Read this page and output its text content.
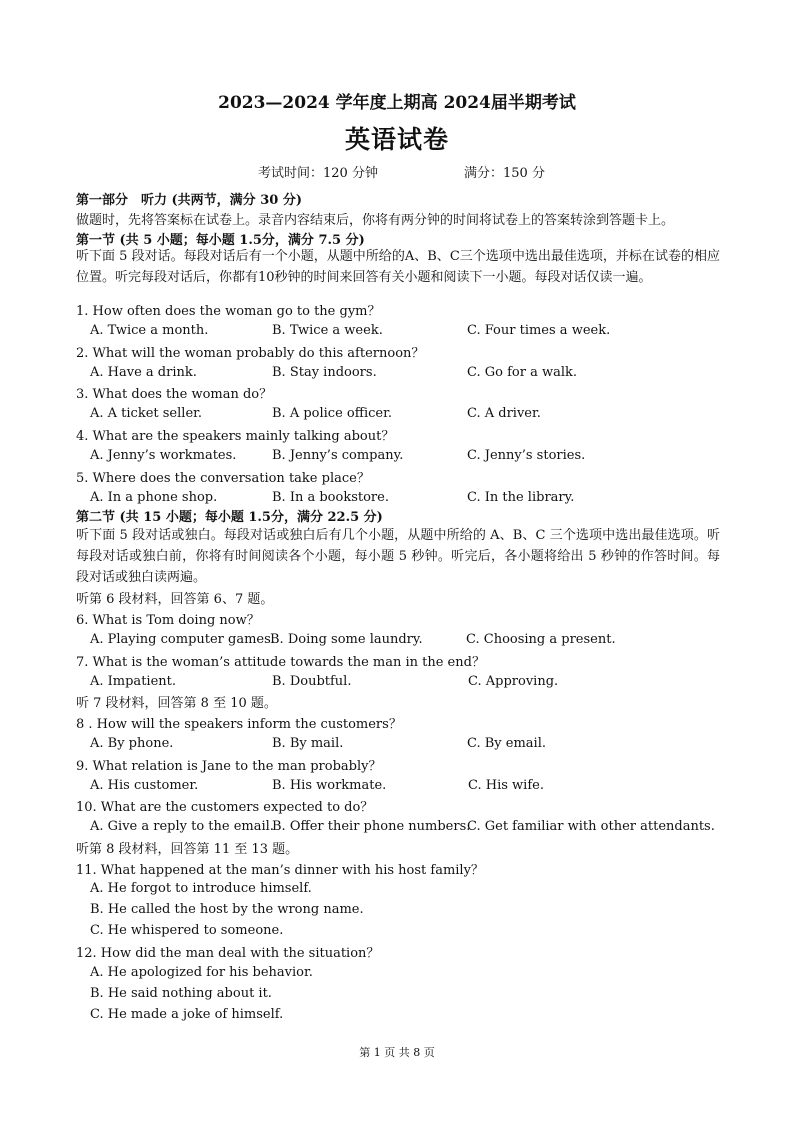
2023—2024 学年度上期高 2024届半期考试
英语试卷
考试时间：120 分钟	满分：150 分
第一部分　听力 (共两节，满分 30 分)
做题时，先将答案标在试卷上。录音内容结束后，你将有两分钟的时间将试卷上的答案转涂到答题卡上。
第一节 (共 5 小题；每小题 1.5分，满分 7.5 分)
听下面 5 段对话。每段对话后有一个小题，从题中所给的A、B、C三个选项中选出最佳选项，并标在试卷的相应位置。听完每段对话后，你都有10秒钟的时间来回答有关小题和阅读下一小题。每段对话仅读一遍。
1. How often does the woman go to the gym？
A. Twice a month.	B. Twice a week.	C. Four times a week.
2. What will the woman probably do this afternoon？
A. Have a drink.	B. Stay indoors.	C. Go for a walk.
3. What does the woman do？
A. A ticket seller.	B. A police officer.	C. A driver.
4. What are the speakers mainly talking about？
A. Jenny’s workmates.	B. Jenny’s company.	C. Jenny’s stories.
5. Where does the conversation take place？
A. In a phone shop.	B. In a bookstore.	C. In the library.
第二节 (共 15 小题；每小题 1.5分，满分 22.5 分)
听下面 5 段对话或独白。每段对话或独白后有几个小题，从题中所给的 A、B、C 三个选项中选出最佳选项。听每段对话或独白前，你将有时间阅读各个小题，每小题 5 秒钟。听完后，各小题将给出 5 秒钟的作答时间。每段对话或独白读两遍。
听第 6 段材料，回答第 6、7 题。
6. What is Tom doing now？
A. Playing computer games.
B. Doing some laundry.	C. Choosing a present.
7. What is the woman’s attitude towards the man in the end？
A. Impatient.	B. Doubtful.	C. Approving.
听 7 段材料，回答第 8 至 10 题。
8 . How will the speakers inform the customers？
A. By phone.	B. By mail.	C. By email.
9. What relation is Jane to the man probably？
A. His customer.	B. His workmate.	C. His wife.
10. What are the customers expected to do？
A. Give a reply to the email.
B. Offer their phone numbers.
C. Get familiar with other attendants.
听第 8 段材料，回答第 11 至 13 题。
11. What happened at the man’s dinner with his host family？
A. He forgot to introduce himself.
B. He called the host by the wrong name.
C. He whispered to someone.
12. How did the man deal with the situation？
A. He apologized for his behavior.
B. He said nothing about it.
C. He made a joke of himself.
第 1 页 共 8 页
